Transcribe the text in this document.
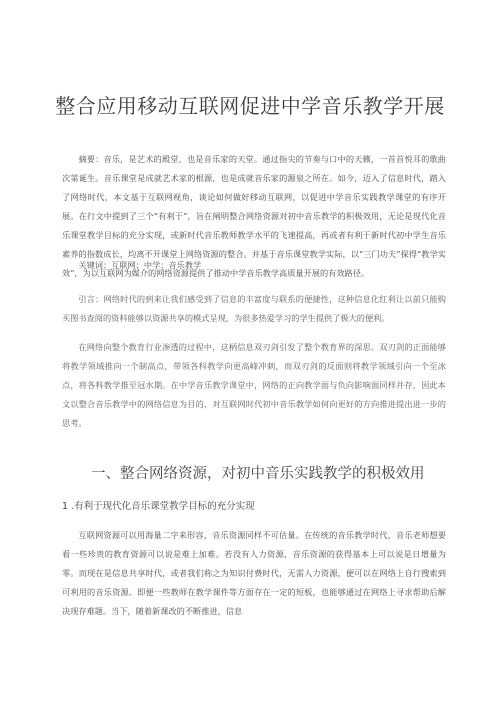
整合应用移动互联网促进中学音乐教学开展

摘要：音乐，是艺术的殿堂，也是音乐家的天堂。通过指尖的节奏与口中的天籁，一首首悦耳的歌曲次第诞生。音乐课堂是成就艺术家的根源，也是成就音乐家的源泉之所在。如今，迈入了信息时代，踏入了网络时代，本文基于互联网视角，谈论如何做好移动互联网，以促进中学音乐实践教学课堂的有序开展。在行文中提到了三个“有利于”，旨在阐明整合网络资源对初中音乐教学的积极效用，无论是现代化音乐课堂教学目标的充分实现，或新时代音乐教师教学水平的飞速提高，再或者有利于新时代初中学生音乐素养的指数成长，均离不开课堂上网络资源的整合。并基于音乐课堂教学实际，以“三门功夫”探得“教学实效”，为以互联网为媒介的网络资源提供了推动中学音乐教学高质量开展的有效路径。

关键词：互联网；中学；音乐教学

引言：网络时代的到来让我们感受到了信息的丰富度与联系的便捷性，这种信息化红利让以前只能购买图书查阅的资料能够以资源共享的模式呈现，为很多热爱学习的学生提供了极大的便利。

在网络向整个教育行业渗透的过程中，这柄信息双刃剑引发了整个教育界的深思。双刃剑的正面能够将教学领域推向一个制高点，带领各科教学向更高峰冲刺，而双刃剑的反面则将教学领域引向一个至冰点，将各科教学推至冠水期。在中学音乐教学课堂中，网络的正向教学面与负向影响面同样并存，因此本文以整合音乐教学中的网络信息为目的，对互联网时代初中音乐教学如何向更好的方向推进提出进一步的思考。

一、整合网络资源，对初中音乐实践教学的积极效用
1 .有利于现代化音乐课堂教学目标的充分实现

互联网资源可以用海量二字来形容，音乐资源同样不可估量。在传统的音乐教学时代，音乐老师想要看一些珍贵的教育资源可以说是难上加难。若没有人力资源，音乐资源的获得基本上可以说是日增量为零。而现在是信息共享时代，或者我们称之为知识付费时代，无需人力资源，便可以在网络上自行搜索到可利用的音乐资源。即便一些教师在教学课件等方面存在一定的短板，也能够通过在网络上寻求帮助后解决现存难题。当下，随着新课改的不断推进，信息
